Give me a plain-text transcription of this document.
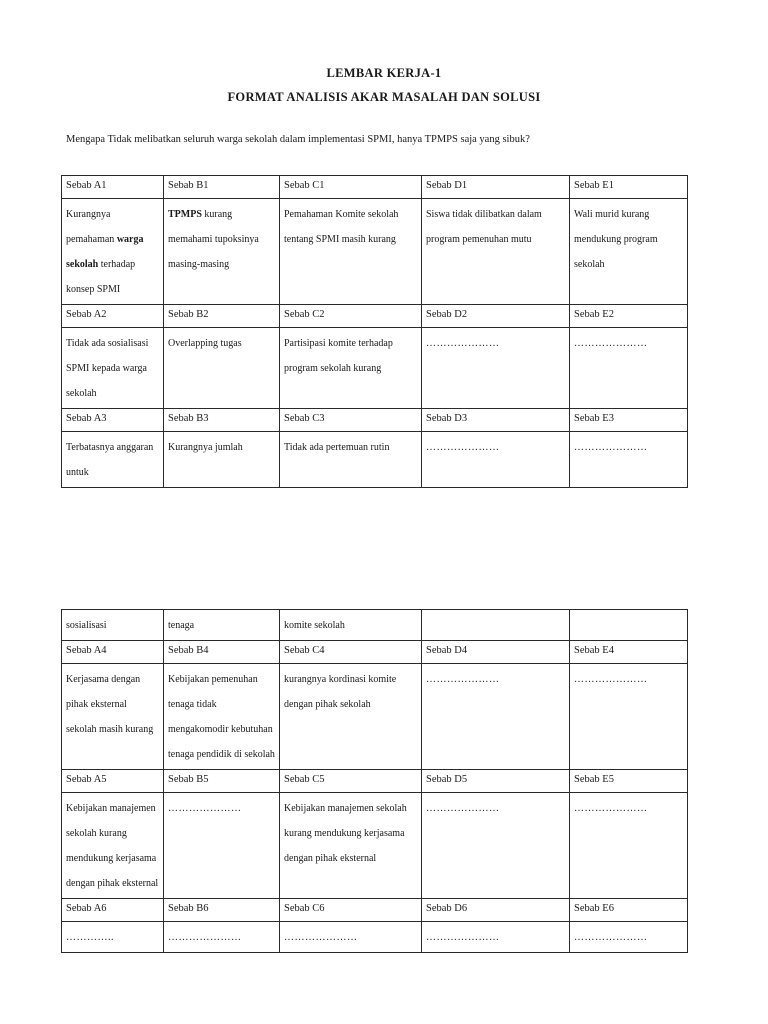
LEMBAR KERJA-1
FORMAT ANALISIS AKAR MASALAH DAN SOLUSI
Mengapa Tidak melibatkan seluruh warga sekolah dalam implementasi SPMI, hanya TPMPS saja yang sibuk?
Sebab A1	Sebab B1	Sebab C1	Sebab D1	Sebab E1
Kurangnya pemahaman warga sekolah terhadap konsep SPMI	TPMPS kurang memahami tupoksinya masing-masing	Pemahaman Komite sekolah tentang SPMI masih kurang	Siswa tidak dilibatkan dalam program pemenuhan mutu	Wali murid kurang mendukung program sekolah
Sebab A2	Sebab B2	Sebab C2	Sebab D2	Sebab E2
Tidak ada sosialisasi SPMI kepada warga sekolah	Overlapping tugas	Partisipasi komite terhadap program sekolah kurang	…………………	…………………
Sebab A3	Sebab B3	Sebab C3	Sebab D3	Sebab E3
Terbatasnya anggaran untuk	Kurangnya jumlah	Tidak ada pertemuan rutin	…………………	…………………
sosialisasi	tenaga	komite sekolah		
Sebab A4	Sebab B4	Sebab C4	Sebab D4	Sebab E4
Kerjasama dengan pihak eksternal sekolah masih kurang	Kebijakan pemenuhan tenaga tidak mengakomodir kebutuhan tenaga pendidik di sekolah	kurangnya kordinasi komite dengan pihak sekolah	…………………	…………………
Sebab A5	Sebab B5	Sebab C5	Sebab D5	Sebab E5
Kebijakan manajemen sekolah kurang mendukung kerjasama dengan pihak eksternal	…………………	Kebijakan manajemen sekolah kurang mendukung kerjasama dengan pihak eksternal	…………………	…………………
Sebab A6	Sebab B6	Sebab C6	Sebab D6	Sebab E6
…………..	…………………	…………………	…………………	…………………
